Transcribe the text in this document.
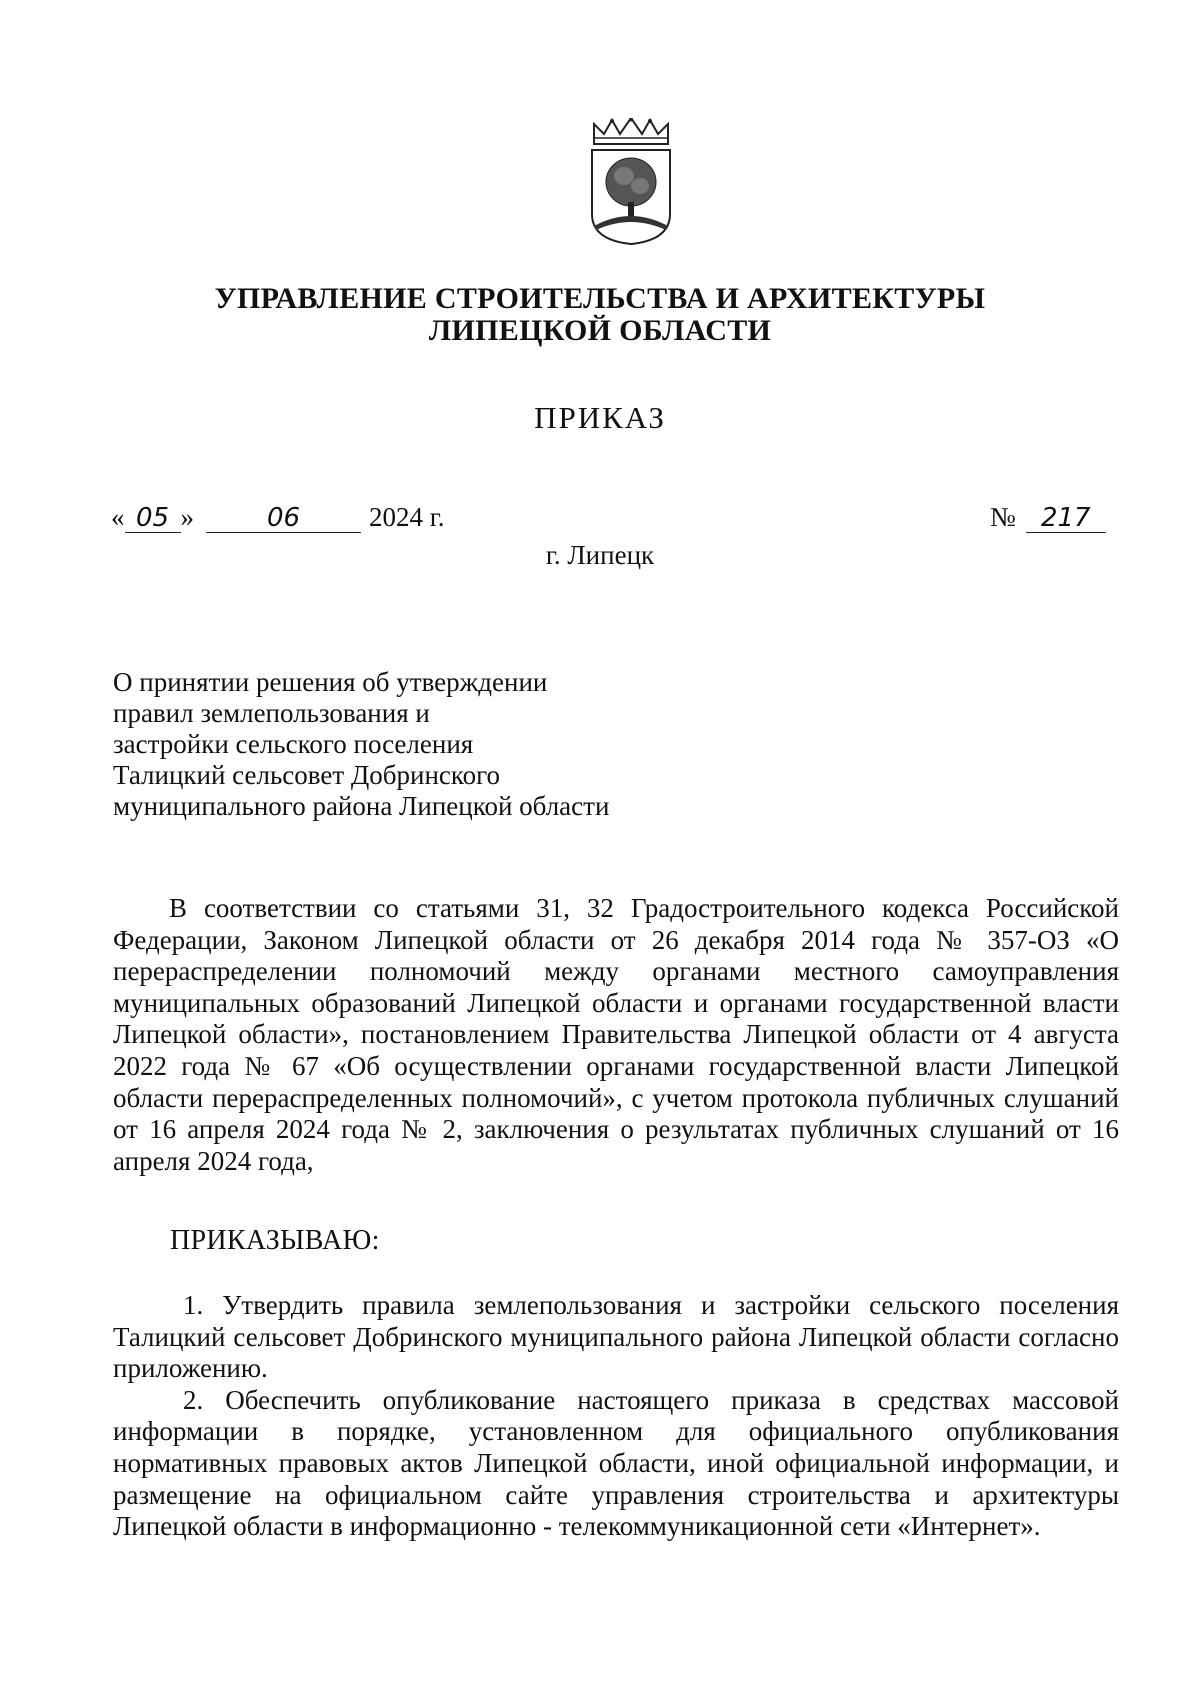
УПРАВЛЕНИЕ СТРОИТЕЛЬСТВА И АРХИТЕКТУРЫ
ЛИПЕЦКОЙ ОБЛАСТИ
ПРИКАЗ
« 05 »	06	2024 г.	№ 217
г. Липецк
О принятии решения об утверждении
правил землепользования и
застройки сельского поселения
Талицкий сельсовет Добринского
муниципального района Липецкой области
В соответствии со статьями 31, 32 Градостроительного кодекса Российской Федерации, Законом Липецкой области от 26 декабря 2014 года № 357-ОЗ «О перераспределении полномочий между органами местного самоуправления муниципальных образований Липецкой области и органами государственной власти Липецкой области», постановлением Правительства Липецкой области от 4 августа 2022 года № 67 «Об осуществлении органами государственной власти Липецкой области перераспределенных полномочий», с учетом протокола публичных слушаний от 16 апреля 2024 года № 2, заключения о результатах публичных слушаний от 16 апреля 2024 года,
ПРИКАЗЫВАЮ:

1. Утвердить правила землепользования и застройки сельского поселения Талицкий сельсовет Добринского муниципального района Липецкой области согласно приложению.

2. Обеспечить опубликование настоящего приказа в средствах массовой информации в порядке, установленном для официального опубликования нормативных правовых актов Липецкой области, иной официальной информации, и размещение на официальном сайте управления строительства и архитектуры Липецкой области в информационно - телекоммуникационной сети «Интернет».
